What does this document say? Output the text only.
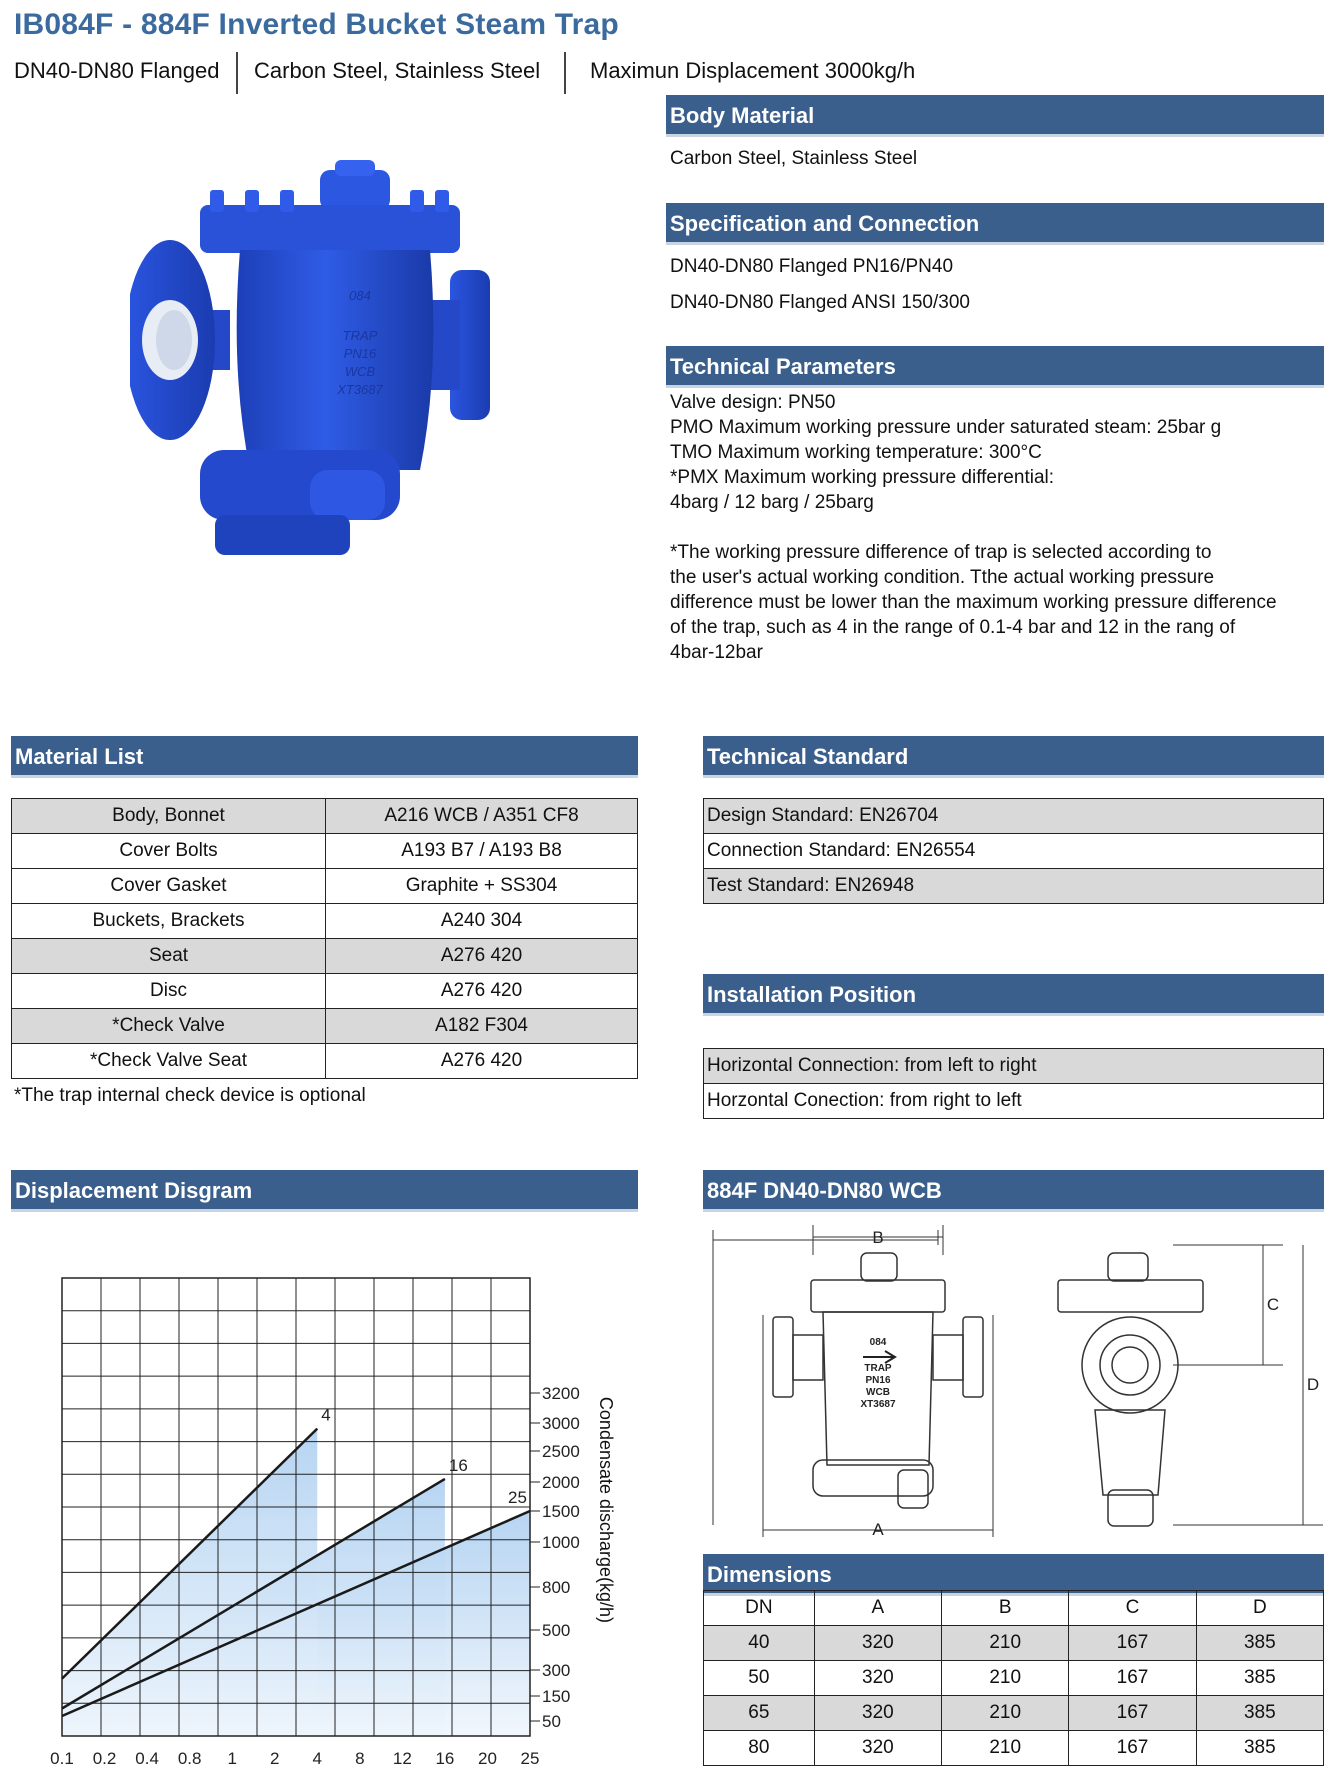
IB084F - 884F Inverted Bucket Steam Trap
DN40-DN80 Flanged Carbon Steel, Stainless Steel Maximun Displacement 3000kg/h
084
TRAP
PN16
WCB
XT3687
Body Material
Carbon Steel, Stainless Steel
Specification and Connection
DN40-DN80 Flanged PN16/PN40
DN40-DN80 Flanged ANSI 150/300
Technical Parameters
Valve design: PN50
PMO Maximum working pressure under saturated steam: 25bar g
TMO Maximum working temperature: 300°C
*PMX Maximum working pressure differential:
4barg / 12 barg / 25barg
*The working pressure difference of trap is selected according to
the user's actual working condition. Tthe actual working pressure
difference must be lower than the maximum working pressure difference
of the trap, such as 4 in the range of 0.1-4 bar and 12 in the rang of
4bar-12bar
Material List
Body, Bonnet	A216 WCB / A351 CF8
Cover Bolts	A193 B7 / A193 B8
Cover Gasket	Graphite + SS304
Buckets, Brackets	A240 304
Seat	A276 420
Disc	A276 420
*Check Valve	A182 F304
*Check Valve Seat	A276 420
*The trap internal check device is optional
Technical Standard
Design Standard: EN26704
Connection Standard: EN26554
Test Standard: EN26948
Installation Position
Horizontal Connection: from left to right
Horzontal Conection: from right to left
Displacement Disgram
4
16
25
0.1 0.2 0.4 0.8 1 2 4 8 12 16 20 25
50
150
300
500
800
1000
1500
2000
2500
3000
3200
Condensate discharge(kg/h)
884F DN40-DN80 WCB
B
A
C
D
084
TRAP
PN16
WCB
XT3687
Dimensions
DN	A	B	C	D
40	320	210	167	385
50	320	210	167	385
65	320	210	167	385
80	320	210	167	385
